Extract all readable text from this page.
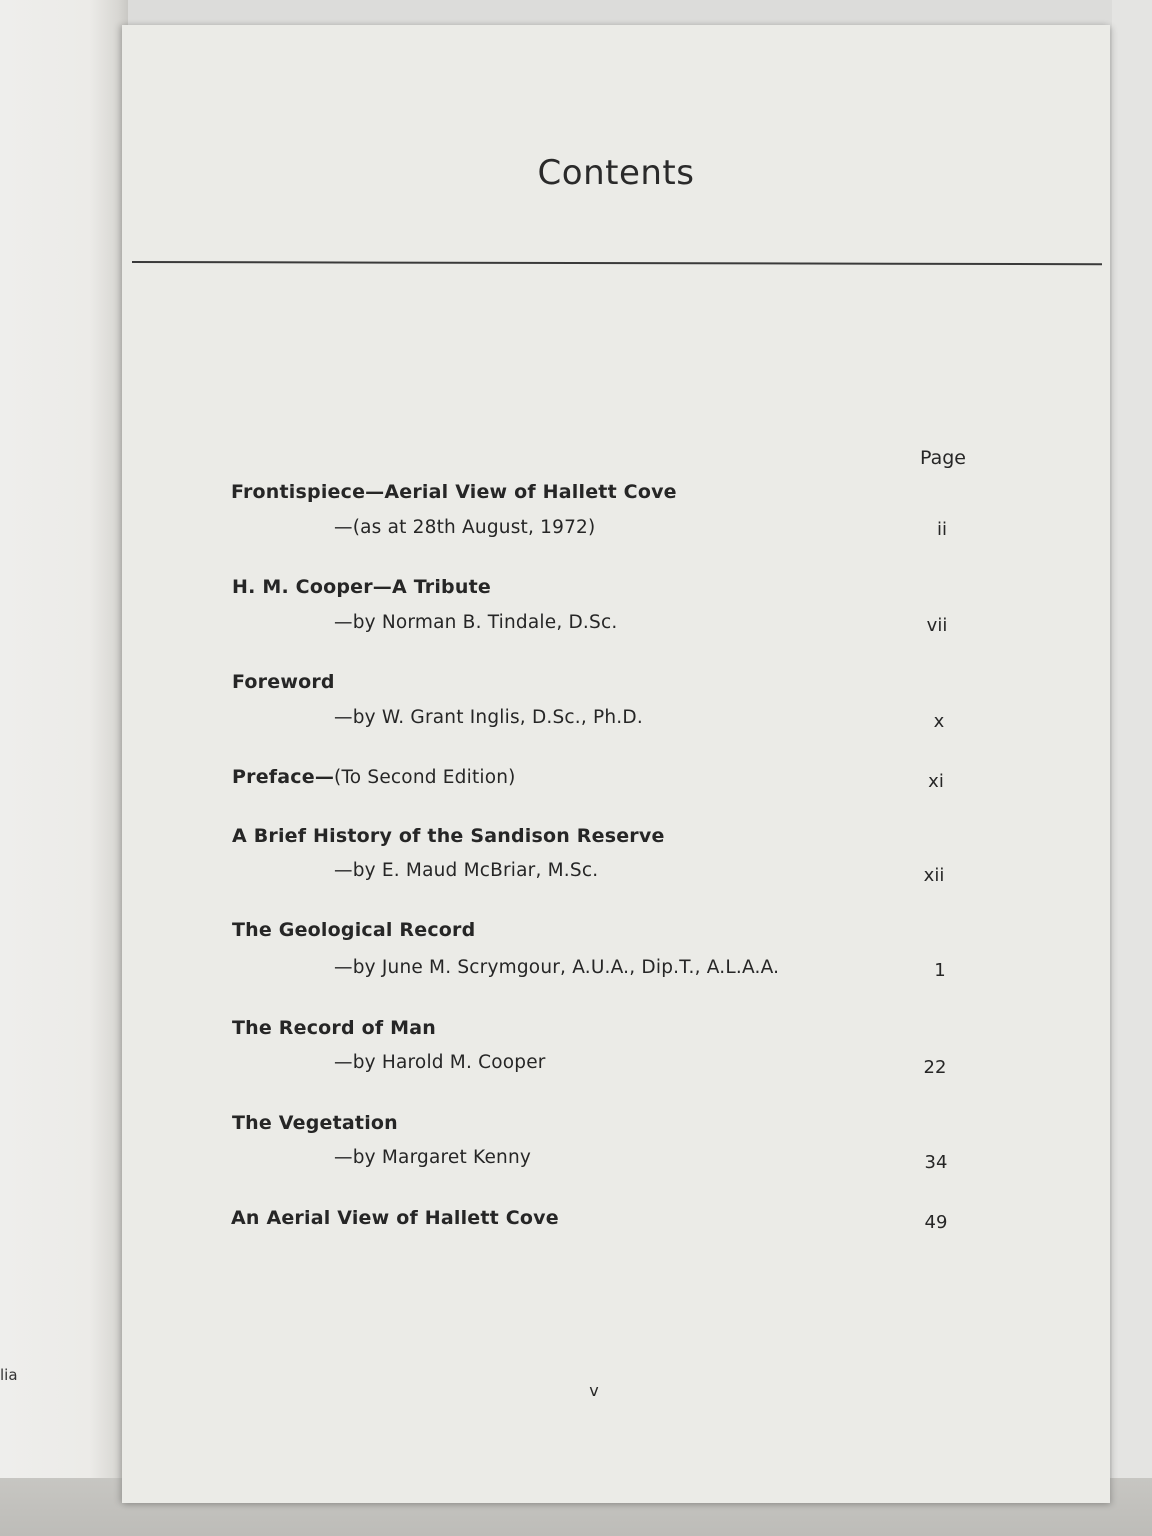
lia
Contents
Page
Frontispiece—Aerial View of Hallett Cove
—(as at 28th August, 1972)	ii
H. M. Cooper—A Tribute
—by Norman B. Tindale, D.Sc.	vii
Foreword
—by W. Grant Inglis, D.Sc., Ph.D.	x
Preface—(To Second Edition)	xi
A Brief History of the Sandison Reserve
—by E. Maud McBriar, M.Sc.	xii
The Geological Record
—by June M. Scrymgour, A.U.A., Dip.T., A.L.A.A.	1
The Record of Man
—by Harold M. Cooper	22
The Vegetation
—by Margaret Kenny	34
An Aerial View of Hallett Cove	49
v
